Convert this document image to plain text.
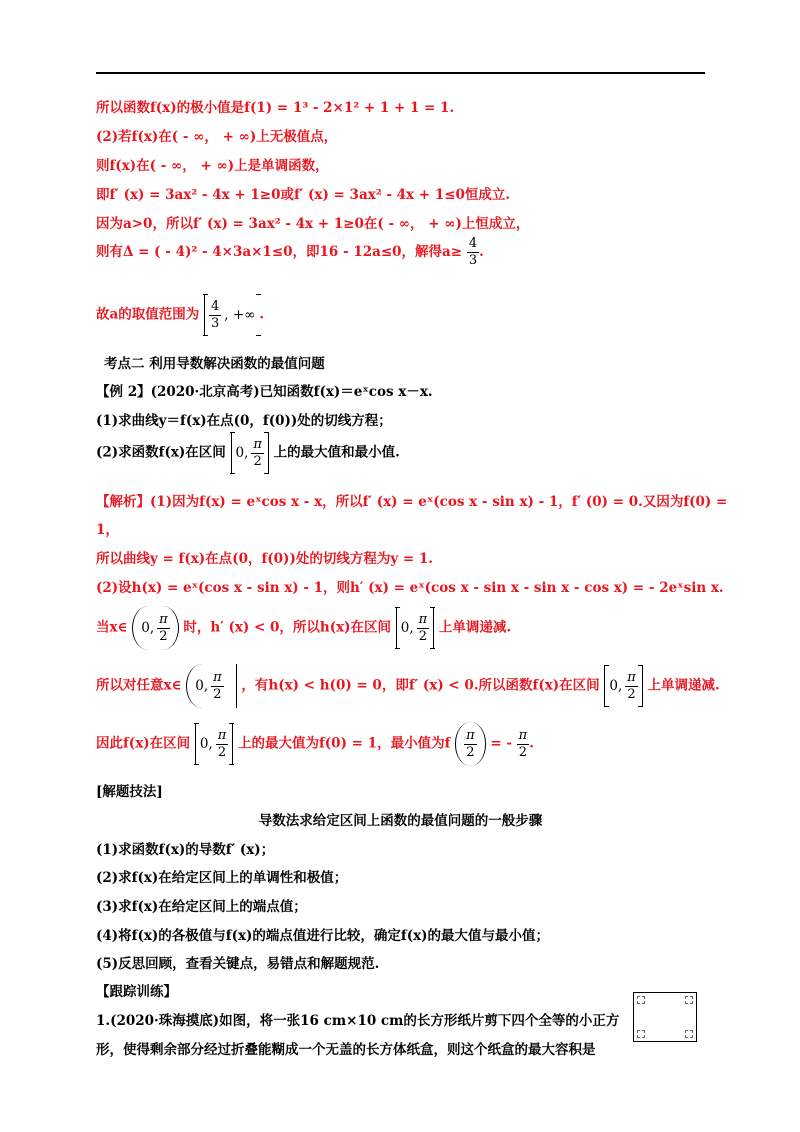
所以函数f(x)的极小值是f(1) = 1³ - 2×1² + 1 + 1 = 1.
(2)若f(x)在( - ∞， + ∞)上无极值点，
则f(x)在( - ∞， + ∞)上是单调函数，
即f′ (x) = 3ax² - 4x + 1≥0或f′ (x) = 3ax² - 4x + 1≤0恒成立.
因为a>0，所以f′ (x) = 3ax² - 4x + 1≥0在( - ∞， + ∞)上恒成立，
则有Δ = ( - 4)² - 4×3a×1≤0，即16 - 12a≤0，解得$a\ge \frac{4}{3}$ .
故a的取值范围为 $\frac{4}{3}$ , +∞ .
考点二 利用导数解决函数的最值问题
【例 2】(2020·北京高考)已知函数f(x)＝eˣcos x－x.
(1)求曲线y＝f(x)在点(0，f(0))处的切线方程；
(2)求函数f(x)在区间 0, $\frac{\pi}{2}$ 上的最大值和最小值.
【解析】(1)因为f(x) = eˣcos x - x，所以f′ (x) = eˣ(cos x - sin x) - 1，f′ (0) = 0.又因为f(0) =
1，
所以曲线y = f(x)在点(0，f(0))处的切线方程为y = 1.
(2)设h(x) = eˣ(cos x - sin x) - 1，则h′ (x) = eˣ(cos x - sin x - sin x - cos x) = - 2eˣsin x.
当x∈ 0, $\frac{\pi}{2}$ 时，h′ (x) < 0，所以h(x)在区间 0, $\frac{\pi}{2}$ 上单调递减.
所以对任意x∈ 0, $\frac{\pi}{2}$ ，有h(x) < h(0) = 0，即f′ (x) < 0.所以函数f(x)在区间 0, $\frac{\pi}{2}$ 上单调递减.
因此f(x)在区间 0, $\frac{\pi}{2}$ 上的最大值为f(0) = 1，最小值为f $\frac{\pi}{2}$ = - $\frac{\pi}{2}$ .
[解题技法]
导数法求给定区间上函数的最值问题的一般步骤
(1)求函数f(x)的导数f′ (x)；
(2)求f(x)在给定区间上的单调性和极值；
(3)求f(x)在给定区间上的端点值；
(4)将f(x)的各极值与f(x)的端点值进行比较，确定f(x)的最大值与最小值；
(5)反思回顾，查看关键点，易错点和解题规范.
【跟踪训练】
1.(2020·珠海摸底)如图，将一张16 cm×10 cm的长方形纸片剪下四个全等的小正方
形，使得剩余部分经过折叠能糊成一个无盖的长方体纸盒，则这个纸盒的最大容积是
